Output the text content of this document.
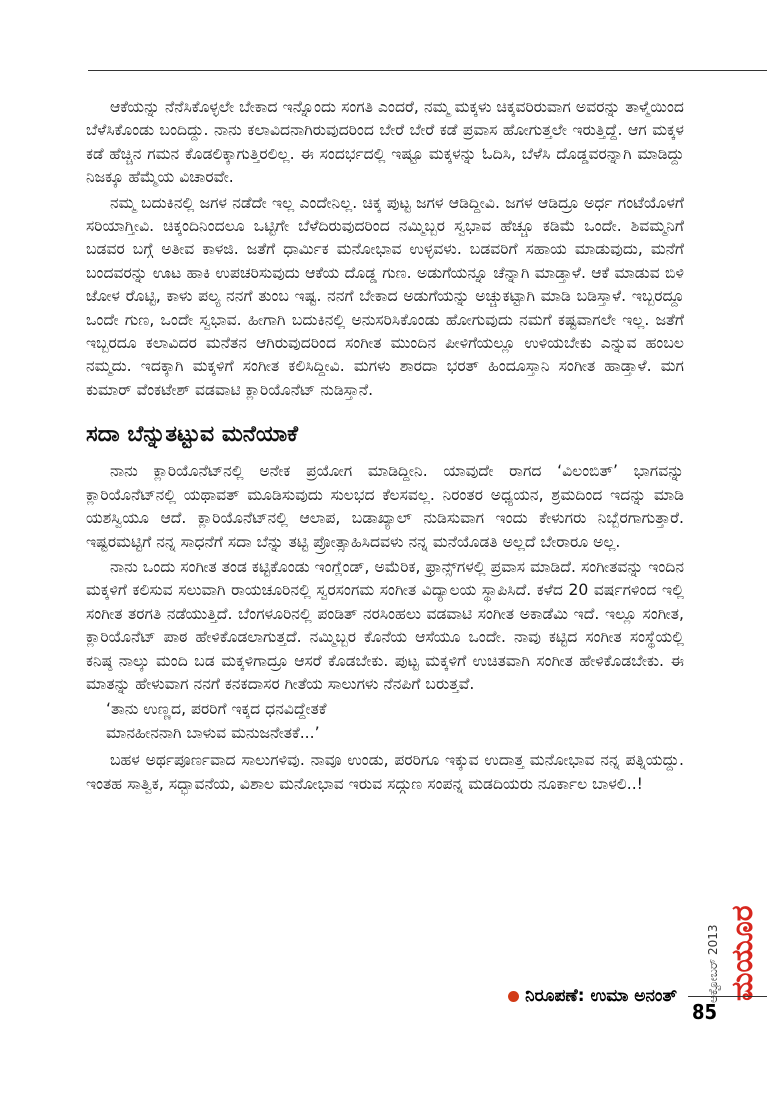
ಆಕೆಯನ್ನು ನೆನೆಸಿಕೊಳ್ಳಲೇ ಬೇಕಾದ ಇನ್ನೊಂದು ಸಂಗತಿ ಎಂದರೆ, ನಮ್ಮ ಮಕ್ಕಳು ಚಿಕ್ಕವರಿರುವಾಗ ಅವರನ್ನು ತಾಳ್ಮೆಯಿಂದ ಬೆಳೆಸಿಕೊಂಡು ಬಂದಿದ್ದು. ನಾನು ಕಲಾವಿದನಾಗಿರುವುದರಿಂದ ಬೇರೆ ಬೇರೆ ಕಡೆ ಪ್ರವಾಸ ಹೋಗುತ್ತಲೇ ಇರುತ್ತಿದ್ದೆ. ಆಗ ಮಕ್ಕಳ ಕಡೆ ಹೆಚ್ಚಿನ ಗಮನ ಕೊಡಲಿಕ್ಕಾಗುತ್ತಿರಲಿಲ್ಲ. ಈ ಸಂದರ್ಭದಲ್ಲಿ ಇಷ್ಟೂ ಮಕ್ಕಳನ್ನು ಓದಿಸಿ, ಬೆಳೆಸಿ ದೊಡ್ಡವರನ್ನಾಗಿ ಮಾಡಿದ್ದು ನಿಜಕ್ಕೂ ಹೆಮ್ಮೆಯ ವಿಚಾರವೇ.

ನಮ್ಮ ಬದುಕಿನಲ್ಲಿ ಜಗಳ ನಡೆದೇ ಇಲ್ಲ ಎಂದೇನಿಲ್ಲ. ಚಿಕ್ಕ ಪುಟ್ಟ ಜಗಳ ಆಡಿದ್ದೀವಿ. ಜಗಳ ಆಡಿದ್ರೂ ಅರ್ಧ ಗಂಟೆಯೊಳಗೆ ಸರಿಯಾಗ್ತೀವಿ. ಚಿಕ್ಕಂದಿನಿಂದಲೂ ಒಟ್ಟಿಗೇ ಬೆಳೆದಿರುವುದರಿಂದ ನಮ್ಮಿಬ್ಬರ ಸ್ವಭಾವ ಹೆಚ್ಚೂ ಕಡಿಮೆ ಒಂದೇ. ಶಿವಮ್ಮನಿಗೆ ಬಡವರ ಬಗ್ಗೆ ಅತೀವ ಕಾಳಜಿ. ಜತೆಗೆ ಧಾರ್ಮಿಕ ಮನೋಭಾವ ಉಳ್ಳವಳು. ಬಡವರಿಗೆ ಸಹಾಯ ಮಾಡುವುದು, ಮನೆಗೆ ಬಂದವರನ್ನು ಊಟ ಹಾಕಿ ಉಪಚರಿಸುವುದು ಆಕೆಯ ದೊಡ್ಡ ಗುಣ. ಅಡುಗೆಯನ್ನೂ ಚೆನ್ನಾಗಿ ಮಾಡ್ತಾಳೆ. ಆಕೆ ಮಾಡುವ ಬಿಳಿ ಜೋಳ ರೊಟ್ಟಿ, ಕಾಳು ಪಲ್ಯ ನನಗೆ ತುಂಬ ಇಷ್ಟ. ನನಗೆ ಬೇಕಾದ ಅಡುಗೆಯನ್ನು ಅಚ್ಚುಕಟ್ಟಾಗಿ ಮಾಡಿ ಬಡಿಸ್ತಾಳೆ. ಇಬ್ಬರದ್ದೂ ಒಂದೇ ಗುಣ, ಒಂದೇ ಸ್ವಭಾವ. ಹೀಗಾಗಿ ಬದುಕಿನಲ್ಲಿ ಅನುಸರಿಸಿಕೊಂಡು ಹೋಗುವುದು ನಮಗೆ ಕಷ್ಟವಾಗಲೇ ಇಲ್ಲ. ಜತೆಗೆ ಇಬ್ಬರದೂ ಕಲಾವಿದರ ಮನೆತನ ಆಗಿರುವುದರಿಂದ ಸಂಗೀತ ಮುಂದಿನ ಪೀಳಿಗೆಯಲ್ಲೂ ಉಳಿಯಬೇಕು ಎನ್ನುವ ಹಂಬಲ ನಮ್ಮದು. ಇದಕ್ಕಾಗಿ ಮಕ್ಕಳಿಗೆ ಸಂಗೀತ ಕಲಿಸಿದ್ದೀವಿ. ಮಗಳು ಶಾರದಾ ಭರತ್ ಹಿಂದೂಸ್ತಾನಿ ಸಂಗೀತ ಹಾಡ್ತಾಳೆ. ಮಗ ಕುಮಾರ್ ವೆಂಕಟೇಶ್ ವಡವಾಟಿ ಕ್ಲಾರಿಯೊನೆಟ್ ನುಡಿಸ್ತಾನೆ.

ಸದಾ ಬೆನ್ನುತಟ್ಟುವ ಮನೆಯಾಕೆ

ನಾನು ಕ್ಲಾರಿಯೊನೆಟ್‌ನಲ್ಲಿ ಅನೇಕ ಪ್ರಯೋಗ ಮಾಡಿದ್ದೀನಿ. ಯಾವುದೇ ರಾಗದ ‘ವಿಲಂಬಿತ್’ ಭಾಗವನ್ನು ಕ್ಲಾರಿಯೊನೆಟ್‌ನಲ್ಲಿ ಯಥಾವತ್ ಮೂಡಿಸುವುದು ಸುಲಭದ ಕೆಲಸವಲ್ಲ. ನಿರಂತರ ಅಧ್ಯಯನ, ಶ್ರಮದಿಂದ ಇದನ್ನು ಮಾಡಿ ಯಶಸ್ವಿಯೂ ಆದೆ. ಕ್ಲಾರಿಯೊನೆಟ್‌ನಲ್ಲಿ ಆಲಾಪ, ಬಡಾಖ್ಯಾಲ್ ನುಡಿಸುವಾಗ ಇಂದು ಕೇಳುಗರು ನಿಬ್ಬೆರಗಾಗುತ್ತಾರೆ. ಇಷ್ಟರಮಟ್ಟಿಗೆ ನನ್ನ ಸಾಧನೆಗೆ ಸದಾ ಬೆನ್ನು ತಟ್ಟಿ ಪ್ರೋತ್ಸಾಹಿಸಿದವಳು ನನ್ನ ಮನೆಯೊಡತಿ ಅಲ್ಲದೆ ಬೇರಾರೂ ಅಲ್ಲ.

ನಾನು ಒಂದು ಸಂಗೀತ ತಂಡ ಕಟ್ಟಿಕೊಂಡು ಇಂಗ್ಲೆಂಡ್, ಅಮೆರಿಕ, ಫ್ರಾನ್ಸ್‌ಗಳಲ್ಲಿ ಪ್ರವಾಸ ಮಾಡಿದೆ. ಸಂಗೀತವನ್ನು ಇಂದಿನ ಮಕ್ಕಳಿಗೆ ಕಲಿಸುವ ಸಲುವಾಗಿ ರಾಯಚೂರಿನಲ್ಲಿ ಸ್ವರಸಂಗಮ ಸಂಗೀತ ವಿದ್ಯಾಲಯ ಸ್ಥಾಪಿಸಿದೆ. ಕಳೆದ 20 ವರ್ಷಗಳಿಂದ ಇಲ್ಲಿ ಸಂಗೀತ ತರಗತಿ ನಡೆಯುತ್ತಿದೆ. ಬೆಂಗಳೂರಿನಲ್ಲಿ ಪಂಡಿತ್ ನರಸಿಂಹಲು ವಡವಾಟಿ ಸಂಗೀತ ಅಕಾಡೆಮಿ ಇದೆ. ಇಲ್ಲೂ ಸಂಗೀತ, ಕ್ಲಾರಿಯೊನೆಟ್ ಪಾಠ ಹೇಳಿಕೊಡಲಾಗುತ್ತದೆ. ನಮ್ಮಿಬ್ಬರ ಕೊನೆಯ ಆಸೆಯೂ ಒಂದೇ. ನಾವು ಕಟ್ಟಿದ ಸಂಗೀತ ಸಂಸ್ಥೆಯಲ್ಲಿ ಕನಿಷ್ಠ ನಾಲ್ಕು ಮಂದಿ ಬಡ ಮಕ್ಕಳಿಗಾದ್ರೂ ಆಸರೆ ಕೊಡಬೇಕು. ಪುಟ್ಟ ಮಕ್ಕಳಿಗೆ ಉಚಿತವಾಗಿ ಸಂಗೀತ ಹೇಳಿಕೊಡಬೇಕು. ಈ ಮಾತನ್ನು ಹೇಳುವಾಗ ನನಗೆ ಕನಕದಾಸರ ಗೀತೆಯ ಸಾಲುಗಳು ನೆನಪಿಗೆ ಬರುತ್ತವೆ.

‘ತಾನು ಉಣ್ಣದ, ಪರರಿಗೆ ಇಕ್ಕದ ಧನವಿದ್ದೇತಕೆ
ಮಾನಹೀನನಾಗಿ ಬಾಳುವ ಮನುಜನೇತಕೆ...’

ಬಹಳ ಅರ್ಥಪೂರ್ಣವಾದ ಸಾಲುಗಳಿವು. ನಾವೂ ಉಂಡು, ಪರರಿಗೂ ಇಕ್ಕುವ ಉದಾತ್ತ ಮನೋಭಾವ ನನ್ನ ಪತ್ನಿಯದ್ದು. ಇಂತಹ ಸಾತ್ವಿಕ, ಸದ್ಭಾವನೆಯ, ವಿಶಾಲ ಮನೋಭಾವ ಇರುವ ಸದ್ಗುಣ ಸಂಪನ್ನ ಮಡದಿಯರು ನೂರ್ಕಾಲ ಬಾಳಲಿ..!

ನಿರೂಪಣೆ: ಉಮಾ ಅನಂತ್ ಅಕ್ಟೋಬರ್ 2013 ಮಯೂರ
85
